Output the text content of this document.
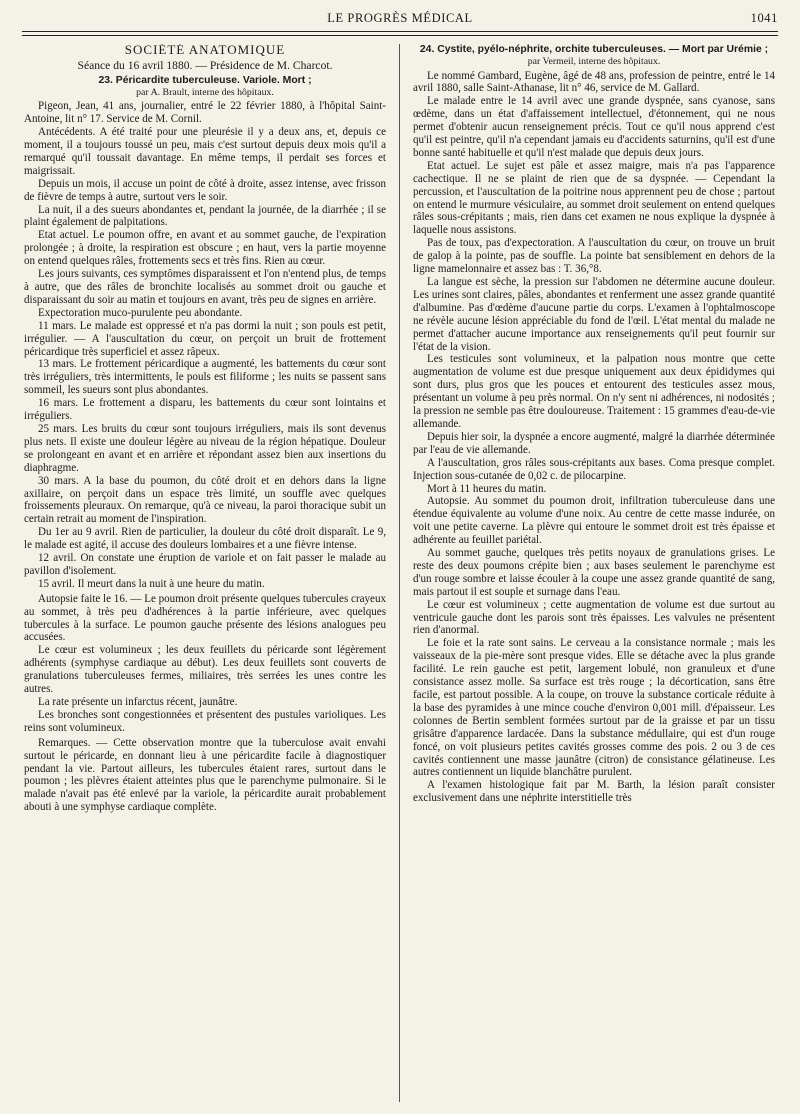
LE PROGRÈS MÉDICAL	1041

SOCIÉTÉ ANATOMIQUE

Séance du 16 avril 1880. — Présidence de M. Charcot.

23. Péricardite tuberculeuse. Variole. Mort ;

par A. Brault, interne des hôpitaux.

Pigeon, Jean, 41 ans, journalier, entré le 22 février 1880, à l'hôpital Saint-Antoine, lit n° 17. Service de M. Cornil.

Antécédents. A été traité pour une pleurésie il y a deux ans, et, depuis ce moment, il a toujours toussé un peu, mais c'est surtout depuis deux mois qu'il a remarqué qu'il toussait davantage. En même temps, il perdait ses forces et maigrissait.

Depuis un mois, il accuse un point de côté à droite, assez intense, avec frisson de fièvre de temps à autre, surtout vers le soir.

La nuit, il a des sueurs abondantes et, pendant la journée, de la diarrhée ; il se plaint également de palpitations.

Etat actuel. Le poumon offre, en avant et au sommet gauche, de l'expiration prolongée ; à droite, la respiration est obscure ; en haut, vers la partie moyenne on entend quelques râles, frottements secs et très fins. Rien au cœur.

Les jours suivants, ces symptômes disparaissent et l'on n'entend plus, de temps à autre, que des râles de bronchite localisés au sommet droit ou gauche et disparaissant du soir au matin et toujours en avant, très peu de signes en arrière.

Expectoration muco-purulente peu abondante.

11 mars. Le malade est oppressé et n'a pas dormi la nuit ; son pouls est petit, irrégulier. — A l'auscultation du cœur, on perçoit un bruit de frottement péricardique très superficiel et assez râpeux.

13 mars. Le frottement péricardique a augmenté, les battements du cœur sont très irréguliers, très intermittents, le pouls est filiforme ; les nuits se passent sans sommeil, les sueurs sont plus abondantes.

16 mars. Le frottement a disparu, les battements du cœur sont lointains et irréguliers.

25 mars. Les bruits du cœur sont toujours irréguliers, mais ils sont devenus plus nets. Il existe une douleur légère au niveau de la région hépatique. Douleur se prolongeant en avant et en arrière et répondant assez bien aux insertions du diaphragme.

30 mars. A la base du poumon, du côté droit et en dehors dans la ligne axillaire, on perçoit dans un espace très limité, un souffle avec quelques froissements pleuraux. On remarque, qu'à ce niveau, la paroi thoracique subit un certain retrait au moment de l'inspiration.

Du 1er au 9 avril. Rien de particulier, la douleur du côté droit disparaît. Le 9, le malade est agité, il accuse des douleurs lombaires et a une fièvre intense.

12 avril. On constate une éruption de variole et on fait passer le malade au pavillon d'isolement.

15 avril. Il meurt dans la nuit à une heure du matin.

Autopsie faite le 16. — Le poumon droit présente quelques tubercules crayeux au sommet, à très peu d'adhérences à la partie inférieure, avec quelques tubercules à la surface. Le poumon gauche présente des lésions analogues peu accusées.

Le cœur est volumineux ; les deux feuillets du péricarde sont légèrement adhérents (symphyse cardiaque au début). Les deux feuillets sont couverts de granulations tuberculeuses fermes, miliaires, très serrées les unes contre les autres.

La rate présente un infarctus récent, jaunâtre.

Les bronches sont congestionnées et présentent des pustules varioliques. Les reins sont volumineux.

Remarques. — Cette observation montre que la tuberculose avait envahi surtout le péricarde, en donnant lieu à une péricardite facile à diagnostiquer pendant la vie. Partout ailleurs, les tubercules étaient rares, surtout dans le poumon ; les plèvres étaient atteintes plus que le parenchyme pulmonaire. Si le malade n'avait pas été enlevé par la variole, la péricardite aurait probablement abouti à une symphyse cardiaque complète.

24. Cystite, pyélo-néphrite, orchite tuberculeuses. — Mort par Urémie ;

par Vermeil, interne des hôpitaux.

Le nommé Gambard, Eugène, âgé de 48 ans, profession de peintre, entré le 14 avril 1880, salle Saint-Athanase, lit n° 46, service de M. Gallard.

Le malade entre le 14 avril avec une grande dyspnée, sans cyanose, sans œdème, dans un état d'affaissement intellectuel, d'étonnement, qui ne nous permet d'obtenir aucun renseignement précis. Tout ce qu'il nous apprend c'est qu'il est peintre, qu'il n'a cependant jamais eu d'accidents saturnins, qu'il est d'une bonne santé habituelle et qu'il n'est malade que depuis deux jours.

Etat actuel. Le sujet est pâle et assez maigre, mais n'a pas l'apparence cachectique. Il ne se plaint de rien que de sa dyspnée. — Cependant la percussion, et l'auscultation de la poitrine nous apprennent peu de chose ; partout on entend le murmure vésiculaire, au sommet droit seulement on entend quelques râles sous-crépitants ; mais, rien dans cet examen ne nous explique la dyspnée à laquelle nous assistons.

Pas de toux, pas d'expectoration. A l'auscultation du cœur, on trouve un bruit de galop à la pointe, pas de souffle. La pointe bat sensiblement en dehors de la ligne mamelonnaire et assez bas : T. 36,°8.

La langue est sèche, la pression sur l'abdomen ne détermine aucune douleur. Les urines sont claires, pâles, abondantes et renferment une assez grande quantité d'albumine. Pas d'œdème d'aucune partie du corps. L'examen à l'ophtalmoscope ne révèle aucune lésion appréciable du fond de l'œil. L'état mental du malade ne permet d'attacher aucune importance aux renseignements qu'il peut fournir sur l'état de la vision.

Les testicules sont volumineux, et la palpation nous montre que cette augmentation de volume est due presque uniquement aux deux épididymes qui sont durs, plus gros que les pouces et entourent des testicules assez mous, présentant un volume à peu près normal. On n'y sent ni adhérences, ni nodosités ; la pression ne semble pas être douloureuse. Traitement : 15 grammes d'eau-de-vie allemande.

Depuis hier soir, la dyspnée a encore augmenté, malgré la diarrhée déterminée par l'eau de vie allemande.

A l'auscultation, gros râles sous-crépitants aux bases. Coma presque complet. Injection sous-cutanée de 0,02 c. de pilocarpine.

Mort à 11 heures du matin.

Autopsie. Au sommet du poumon droit, infiltration tuberculeuse dans une étendue équivalente au volume d'une noix. Au centre de cette masse indurée, on voit une petite caverne. La plèvre qui entoure le sommet droit est très épaisse et adhérente au feuillet pariétal.

Au sommet gauche, quelques très petits noyaux de granulations grises. Le reste des deux poumons crépite bien ; aux bases seulement le parenchyme est d'un rouge sombre et laisse écouler à la coupe une assez grande quantité de sang, mais partout il est souple et surnage dans l'eau.

Le cœur est volumineux ; cette augmentation de volume est due surtout au ventricule gauche dont les parois sont très épaisses. Les valvules ne présentent rien d'anormal.

Le foie et la rate sont sains. Le cerveau a la consistance normale ; mais les vaisseaux de la pie-mère sont presque vides. Elle se détache avec la plus grande facilité. Le rein gauche est petit, largement lobulé, non granuleux et d'une consistance assez molle. Sa surface est très rouge ; la décortication, sans être facile, est partout possible. A la coupe, on trouve la substance corticale réduite à la base des pyramides à une mince couche d'environ 0,001 mill. d'épaisseur. Les colonnes de Bertin semblent formées surtout par de la graisse et par un tissu grisâtre d'apparence lardacée. Dans la substance médullaire, qui est d'un rouge foncé, on voit plusieurs petites cavités grosses comme des pois. 2 ou 3 de ces cavités contiennent une masse jaunâtre (citron) de consistance gélatineuse. Les autres contiennent un liquide blanchâtre purulent.

A l'examen histologique fait par M. Barth, la lésion paraît consister exclusivement dans une néphrite interstitielle très
